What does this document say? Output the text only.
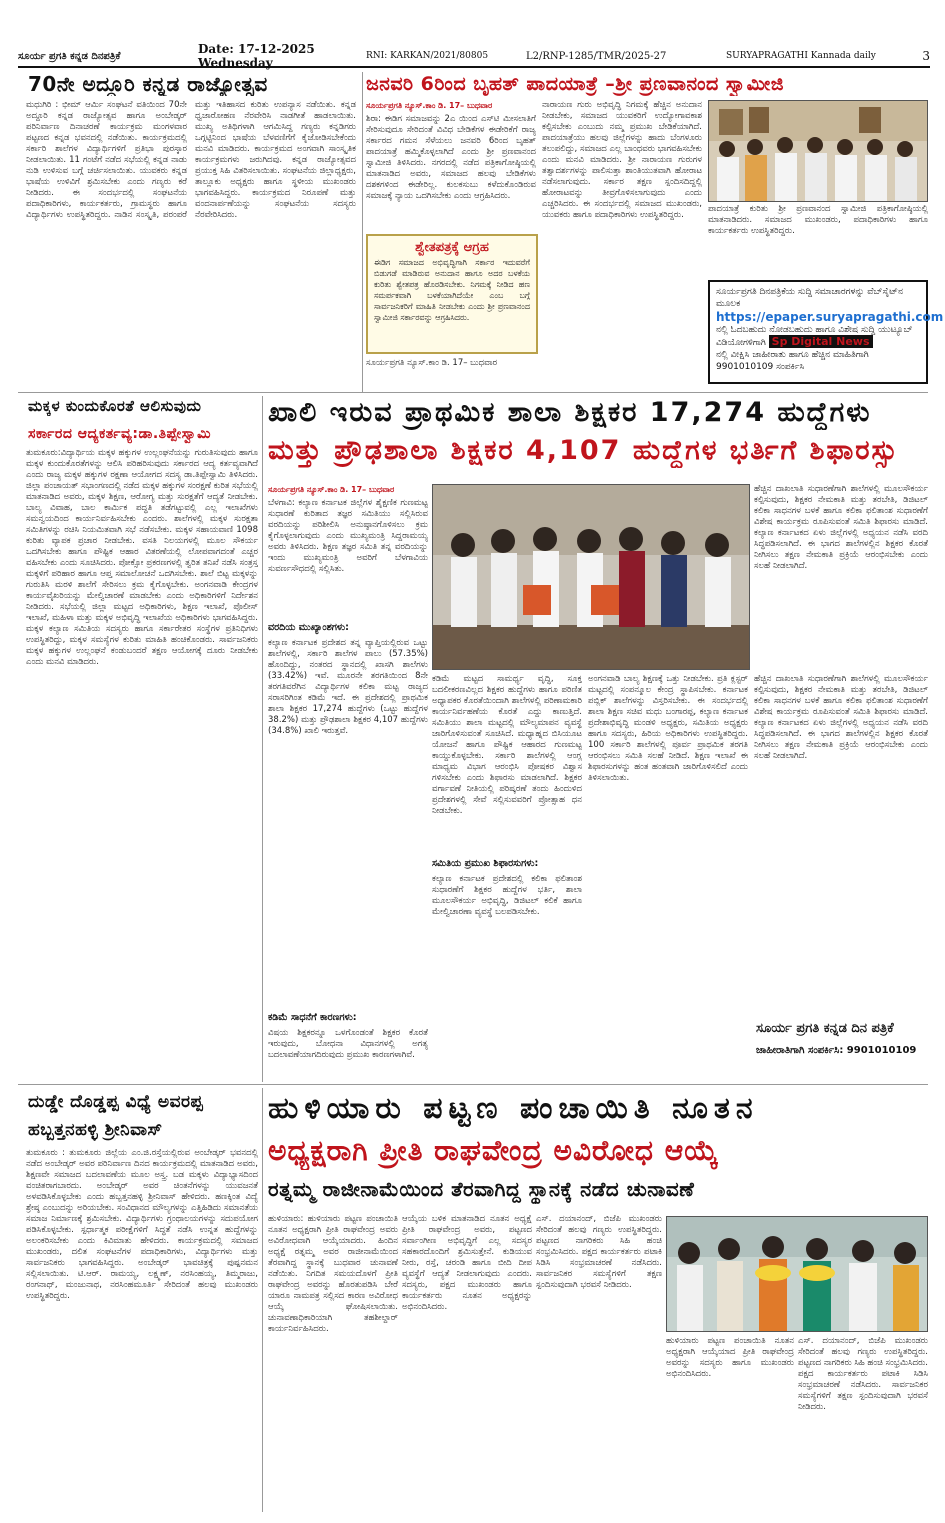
ಸೂರ್ಯ ಪ್ರಗತಿ ಕನ್ನಡ ದಿನಪತ್ರಿಕೆ	Date: 17-12-2025 Wednesday	RNI: KARKAN/2021/80805	L2/RNP-1285/TMR/2025-27	SURYAPRAGATHI Kannada daily	3
70ನೇ ಅದ್ದೂರಿ ಕನ್ನಡ ರಾಜ್ಯೋತ್ಸವ
ಮಧುಗಿರಿ : ಭೀಮ್ ಆರ್ಮಿ ಸಂಘಟನೆ ವತಿಯಿಂದ 70ನೇ ಅದ್ದೂರಿ ಕನ್ನಡ ರಾಜ್ಯೋತ್ಸವ ಹಾಗೂ ಅಂಬೇಡ್ಕರ್ ಪರಿನಿರ್ವಾಣ ದಿನಾಚರಣೆ ಕಾರ್ಯಕ್ರಮ ಮಂಗಳವಾರ ಪಟ್ಟಣದ ಕನ್ನಡ ಭವನದಲ್ಲಿ ನಡೆಯಿತು. ಕಾರ್ಯಕ್ರಮದಲ್ಲಿ ಸರ್ಕಾರಿ ಶಾಲೆಗಳ ವಿದ್ಯಾರ್ಥಿಗಳಿಗೆ ಪ್ರತಿಭಾ ಪುರಸ್ಕಾರ ನೀಡಲಾಯಿತು. 11 ಗಂಟೆಗೆ ನಡೆದ ಸಭೆಯಲ್ಲಿ ಕನ್ನಡ ನಾಡು ನುಡಿ ಉಳಿಸುವ ಬಗ್ಗೆ ಚರ್ಚಿಸಲಾಯಿತು. ಯುವಕರು ಕನ್ನಡ ಭಾಷೆಯ ಉಳಿವಿಗೆ ಶ್ರಮಿಸಬೇಕು ಎಂದು ಗಣ್ಯರು ಕರೆ ನೀಡಿದರು. ಈ ಸಂದರ್ಭದಲ್ಲಿ ಸಂಘಟನೆಯ ಪದಾಧಿಕಾರಿಗಳು, ಕಾರ್ಯಕರ್ತರು, ಗ್ರಾಮಸ್ಥರು ಹಾಗೂ ವಿದ್ಯಾರ್ಥಿಗಳು ಉಪಸ್ಥಿತರಿದ್ದರು. ನಾಡಿನ ಸಂಸ್ಕೃತಿ, ಪರಂಪರೆ ಮತ್ತು ಇತಿಹಾಸದ ಕುರಿತು ಉಪನ್ಯಾಸ ನಡೆಯಿತು. ಕನ್ನಡ ಧ್ವಜಾರೋಹಣ ನೆರವೇರಿಸಿ ನಾಡಗೀತೆ ಹಾಡಲಾಯಿತು. ಮುಖ್ಯ ಅತಿಥಿಗಳಾಗಿ ಆಗಮಿಸಿದ್ದ ಗಣ್ಯರು ಕನ್ನಡಿಗರು ಒಗ್ಗಟ್ಟಿನಿಂದ ಭಾಷೆಯ ಬೆಳವಣಿಗೆಗೆ ಕೈಜೋಡಿಸಬೇಕೆಂದು ಮನವಿ ಮಾಡಿದರು. ಕಾರ್ಯಕ್ರಮದ ಅಂಗವಾಗಿ ಸಾಂಸ್ಕೃತಿಕ ಕಾರ್ಯಕ್ರಮಗಳು ಜರುಗಿದವು. ಕನ್ನಡ ರಾಜ್ಯೋತ್ಸವದ ಪ್ರಯುಕ್ತ ಸಿಹಿ ವಿತರಿಸಲಾಯಿತು. ಸಂಘಟನೆಯ ಜಿಲ್ಲಾಧ್ಯಕ್ಷರು, ತಾಲ್ಲೂಕು ಅಧ್ಯಕ್ಷರು ಹಾಗೂ ಸ್ಥಳೀಯ ಮುಖಂಡರು ಭಾಗವಹಿಸಿದ್ದರು. ಕಾರ್ಯಕ್ರಮದ ನಿರೂಪಣೆ ಮತ್ತು ವಂದನಾರ್ಪಣೆಯನ್ನು ಸಂಘಟನೆಯ ಸದಸ್ಯರು ನೆರವೇರಿಸಿದರು.
ಜನವರಿ 6ರಿಂದ ಬೃಹತ್ ಪಾದಯಾತ್ರೆ –ಶ್ರೀ ಪ್ರಣವಾನಂದ ಸ್ವಾಮೀಜಿ
ಸೂರ್ಯಪ್ರಗತಿ ನ್ಯೂಸ್.ಕಾಂ ಡಿ. 17– ಬುಧವಾರ
ಶಿರಾ: ಈಡಿಗ ಸಮಾಜವನ್ನು 2ಎ ಯಿಂದ ಎಸ್‌ಟಿ ಮೀಸಲಾತಿಗೆ ಸೇರಿಸುವುದೂ ಸೇರಿದಂತೆ ವಿವಿಧ ಬೇಡಿಕೆಗಳ ಈಡೇರಿಕೆಗೆ ರಾಜ್ಯ ಸರ್ಕಾರದ ಗಮನ ಸೆಳೆಯಲು ಜನವರಿ 6ರಿಂದ ಬೃಹತ್ ಪಾದಯಾತ್ರೆ ಹಮ್ಮಿಕೊಳ್ಳಲಾಗಿದೆ ಎಂದು ಶ್ರೀ ಪ್ರಣವಾನಂದ ಸ್ವಾಮೀಜಿ ತಿಳಿಸಿದರು. ನಗರದಲ್ಲಿ ನಡೆದ ಪತ್ರಿಕಾಗೋಷ್ಠಿಯಲ್ಲಿ ಮಾತನಾಡಿದ ಅವರು, ಸಮಾಜದ ಹಲವು ಬೇಡಿಕೆಗಳು ದಶಕಗಳಿಂದ ಈಡೇರಿಲ್ಲ. ಕುಲಕಸುಬು ಕಳೆದುಕೊಂಡಿರುವ ಸಮಾಜಕ್ಕೆ ನ್ಯಾಯ ಒದಗಿಸಬೇಕು ಎಂದು ಆಗ್ರಹಿಸಿದರು.
ನಾರಾಯಣ ಗುರು ಅಭಿವೃದ್ಧಿ ನಿಗಮಕ್ಕೆ ಹೆಚ್ಚಿನ ಅನುದಾನ ನೀಡಬೇಕು, ಸಮಾಜದ ಯುವಕರಿಗೆ ಉದ್ಯೋಗಾವಕಾಶ ಕಲ್ಪಿಸಬೇಕು ಎಂಬುದು ನಮ್ಮ ಪ್ರಮುಖ ಬೇಡಿಕೆಯಾಗಿದೆ. ಪಾದಯಾತ್ರೆಯು ಹಲವು ಜಿಲ್ಲೆಗಳನ್ನು ಹಾದು ಬೆಂಗಳೂರು ತಲುಪಲಿದ್ದು, ಸಮಾಜದ ಎಲ್ಲ ಬಾಂಧವರು ಭಾಗವಹಿಸಬೇಕು ಎಂದು ಮನವಿ ಮಾಡಿದರು. ಶ್ರೀ ನಾರಾಯಣ ಗುರುಗಳ ತತ್ವಾದರ್ಶಗಳನ್ನು ಪಾಲಿಸುತ್ತಾ ಶಾಂತಿಯುತವಾಗಿ ಹೋರಾಟ ನಡೆಸಲಾಗುವುದು. ಸರ್ಕಾರ ತಕ್ಷಣ ಸ್ಪಂದಿಸದಿದ್ದಲ್ಲಿ ಹೋರಾಟವನ್ನು ತೀವ್ರಗೊಳಿಸಲಾಗುವುದು ಎಂದು ಎಚ್ಚರಿಸಿದರು. ಈ ಸಂದರ್ಭದಲ್ಲಿ ಸಮಾಜದ ಮುಖಂಡರು, ಯುವಕರು ಹಾಗೂ ಪದಾಧಿಕಾರಿಗಳು ಉಪಸ್ಥಿತರಿದ್ದರು.
ಶ್ವೇತಪತ್ರಕ್ಕೆ ಆಗ್ರಹ
ಈಡಿಗ ಸಮಾಜದ ಅಭಿವೃದ್ಧಿಗಾಗಿ ಸರ್ಕಾರ ಇದುವರೆಗೆ ಬಿಡುಗಡೆ ಮಾಡಿರುವ ಅನುದಾನ ಹಾಗೂ ಅದರ ಬಳಕೆಯ ಕುರಿತು ಶ್ವೇತಪತ್ರ ಹೊರಡಿಸಬೇಕು. ನಿಗಮಕ್ಕೆ ನೀಡಿದ ಹಣ ಸಮರ್ಪಕವಾಗಿ ಬಳಕೆಯಾಗಿದೆಯೇ ಎಂಬ ಬಗ್ಗೆ ಸಾರ್ವಜನಿಕರಿಗೆ ಮಾಹಿತಿ ನೀಡಬೇಕು ಎಂದು ಶ್ರೀ ಪ್ರಣವಾನಂದ ಸ್ವಾಮೀಜಿ ಸರ್ಕಾರವನ್ನು ಆಗ್ರಹಿಸಿದರು.
ಸೂರ್ಯಪ್ರಗತಿ ನ್ಯೂಸ್.ಕಾಂ ಡಿ. 17– ಬುಧವಾರ
ಪಾದಯಾತ್ರೆ ಕುರಿತು ಶ್ರೀ ಪ್ರಣವಾನಂದ ಸ್ವಾಮೀಜಿ ಪತ್ರಿಕಾಗೋಷ್ಠಿಯಲ್ಲಿ ಮಾತನಾಡಿದರು. ಸಮಾಜದ ಮುಖಂಡರು, ಪದಾಧಿಕಾರಿಗಳು ಹಾಗೂ ಕಾರ್ಯಕರ್ತರು ಉಪಸ್ಥಿತರಿದ್ದರು.
ಸೂರ್ಯಪ್ರಗತಿ ದಿನಪತ್ರಿಕೆಯ ಸುದ್ದಿ ಸಮಾಚಾರಗಳನ್ನು ವೆಬ್‌ಸೈಟ್‌ನ ಮೂಲಕ
https://epaper.suryapragathi.com
ನಲ್ಲಿ ಓದಬಹುದು ನೋಡಬಹುದು ಹಾಗೂ ವಿಶೇಷ ಸುದ್ದಿ ಯುಟ್ಯೂಬ್ ವಿಡಿಯೋಗಳಿಗಾಗಿ Sp Digital News
ನಲ್ಲಿ ವೀಕ್ಷಿಸಿ ಜಾಹೀರಾತು ಹಾಗೂ ಹೆಚ್ಚಿನ ಮಾಹಿತಿಗಾಗಿ 9901010109 ಸಂಪರ್ಕಿಸಿ
ಮಕ್ಕಳ ಕುಂದುಕೊರತೆ ಆಲಿಸುವುದು
ಸರ್ಕಾರದ ಆದ್ಯಕರ್ತವ್ಯ:ಡಾ.ತಿಪ್ಪೇಸ್ವಾಮಿ
ತುಮಕೂರು:ವಿದ್ಯಾರ್ಥಿಯ ಮಕ್ಕಳ ಹಕ್ಕುಗಳ ಉಲ್ಲಂಘನೆಯನ್ನು ಗುರುತಿಸುವುದು ಹಾಗೂ ಮಕ್ಕಳ ಕುಂದುಕೊರತೆಗಳನ್ನು ಆಲಿಸಿ ಪರಿಹರಿಸುವುದು ಸರ್ಕಾರದ ಆದ್ಯ ಕರ್ತವ್ಯವಾಗಿದೆ ಎಂದು ರಾಜ್ಯ ಮಕ್ಕಳ ಹಕ್ಕುಗಳ ರಕ್ಷಣಾ ಆಯೋಗದ ಸದಸ್ಯ ಡಾ.ತಿಪ್ಪೇಸ್ವಾಮಿ ತಿಳಿಸಿದರು. ಜಿಲ್ಲಾ ಪಂಚಾಯತ್ ಸಭಾಂಗಣದಲ್ಲಿ ನಡೆದ ಮಕ್ಕಳ ಹಕ್ಕುಗಳ ಸಂರಕ್ಷಣೆ ಕುರಿತ ಸಭೆಯಲ್ಲಿ ಮಾತನಾಡಿದ ಅವರು, ಮಕ್ಕಳ ಶಿಕ್ಷಣ, ಆರೋಗ್ಯ ಮತ್ತು ಸುರಕ್ಷತೆಗೆ ಆದ್ಯತೆ ನೀಡಬೇಕು. ಬಾಲ್ಯ ವಿವಾಹ, ಬಾಲ ಕಾರ್ಮಿಕ ಪದ್ಧತಿ ತಡೆಗಟ್ಟುವಲ್ಲಿ ಎಲ್ಲ ಇಲಾಖೆಗಳು ಸಮನ್ವಯದಿಂದ ಕಾರ್ಯನಿರ್ವಹಿಸಬೇಕು ಎಂದರು. ಶಾಲೆಗಳಲ್ಲಿ ಮಕ್ಕಳ ಸುರಕ್ಷತಾ ಸಮಿತಿಗಳನ್ನು ರಚಿಸಿ ನಿಯಮಿತವಾಗಿ ಸಭೆ ನಡೆಸಬೇಕು. ಮಕ್ಕಳ ಸಹಾಯವಾಣಿ 1098 ಕುರಿತು ವ್ಯಾಪಕ ಪ್ರಚಾರ ನೀಡಬೇಕು. ವಸತಿ ನಿಲಯಗಳಲ್ಲಿ ಮೂಲ ಸೌಕರ್ಯ ಒದಗಿಸಬೇಕು ಹಾಗೂ ಪೌಷ್ಟಿಕ ಆಹಾರ ವಿತರಣೆಯಲ್ಲಿ ಲೋಪವಾಗದಂತೆ ಎಚ್ಚರ ವಹಿಸಬೇಕು ಎಂದು ಸೂಚಿಸಿದರು. ಪೋಕ್ಸೋ ಪ್ರಕರಣಗಳಲ್ಲಿ ತ್ವರಿತ ತನಿಖೆ ನಡೆಸಿ ಸಂತ್ರಸ್ತ ಮಕ್ಕಳಿಗೆ ಪರಿಹಾರ ಹಾಗೂ ಆಪ್ತ ಸಮಾಲೋಚನೆ ಒದಗಿಸಬೇಕು. ಶಾಲೆ ಬಿಟ್ಟ ಮಕ್ಕಳನ್ನು ಗುರುತಿಸಿ ಮರಳಿ ಶಾಲೆಗೆ ಸೇರಿಸಲು ಕ್ರಮ ಕೈಗೊಳ್ಳಬೇಕು. ಅಂಗನವಾಡಿ ಕೇಂದ್ರಗಳ ಕಾರ್ಯವೈಖರಿಯನ್ನು ಮೇಲ್ವಿಚಾರಣೆ ಮಾಡಬೇಕು ಎಂದು ಅಧಿಕಾರಿಗಳಿಗೆ ನಿರ್ದೇಶನ ನೀಡಿದರು. ಸಭೆಯಲ್ಲಿ ಜಿಲ್ಲಾ ಮಟ್ಟದ ಅಧಿಕಾರಿಗಳು, ಶಿಕ್ಷಣ ಇಲಾಖೆ, ಪೊಲೀಸ್ ಇಲಾಖೆ, ಮಹಿಳಾ ಮತ್ತು ಮಕ್ಕಳ ಅಭಿವೃದ್ಧಿ ಇಲಾಖೆಯ ಅಧಿಕಾರಿಗಳು ಭಾಗವಹಿಸಿದ್ದರು. ಮಕ್ಕಳ ಕಲ್ಯಾಣ ಸಮಿತಿಯ ಸದಸ್ಯರು ಹಾಗೂ ಸರ್ಕಾರೇತರ ಸಂಸ್ಥೆಗಳ ಪ್ರತಿನಿಧಿಗಳು ಉಪಸ್ಥಿತರಿದ್ದು, ಮಕ್ಕಳ ಸಮಸ್ಯೆಗಳ ಕುರಿತು ಮಾಹಿತಿ ಹಂಚಿಕೊಂಡರು. ಸಾರ್ವಜನಿಕರು ಮಕ್ಕಳ ಹಕ್ಕುಗಳ ಉಲ್ಲಂಘನೆ ಕಂಡುಬಂದರೆ ತಕ್ಷಣ ಆಯೋಗಕ್ಕೆ ದೂರು ನೀಡಬೇಕು ಎಂದು ಮನವಿ ಮಾಡಿದರು.
ಖಾಲಿ ಇರುವ ಪ್ರಾಥಮಿಕ ಶಾಲಾ ಶಿಕ್ಷಕರ 17,274 ಹುದ್ದೆಗಳು
ಮತ್ತು ಪ್ರೌಢಶಾಲಾ ಶಿಕ್ಷಕರ 4,107 ಹುದ್ದೆಗಳ ಭರ್ತಿಗೆ ಶಿಫಾರಸ್ಸು
ಸೂರ್ಯಪ್ರಗತಿ ನ್ಯೂಸ್.ಕಾಂ ಡಿ. 17– ಬುಧವಾರ
ಬೆಳಗಾವಿ: ಕಲ್ಯಾಣ ಕರ್ನಾಟಕ ಜಿಲ್ಲೆಗಳ ಶೈಕ್ಷಣಿಕ ಗುಣಮಟ್ಟ ಸುಧಾರಣೆ ಕುರಿತಾದ ತಜ್ಞರ ಸಮಿತಿಯು ಸಲ್ಲಿಸಿರುವ ವರದಿಯನ್ನು ಪರಿಶೀಲಿಸಿ ಅನುಷ್ಠಾನಗೊಳಿಸಲು ಕ್ರಮ ಕೈಗೊಳ್ಳಲಾಗುವುದು ಎಂದು ಮುಖ್ಯಮಂತ್ರಿ ಸಿದ್ದರಾಮಯ್ಯ ಅವರು ತಿಳಿಸಿದರು. ಶಿಕ್ಷಣ ತಜ್ಞರ ಸಮಿತಿ ತನ್ನ ವರದಿಯನ್ನು ಇಂದು ಮುಖ್ಯಮಂತ್ರಿ ಅವರಿಗೆ ಬೆಳಗಾವಿಯ ಸುವರ್ಣಸೌಧದಲ್ಲಿ ಸಲ್ಲಿಸಿತು.
ಹೆಚ್ಚಿನ ದಾಖಲಾತಿ ಸುಧಾರಣೆಗಾಗಿ ಶಾಲೆಗಳಲ್ಲಿ ಮೂಲಸೌಕರ್ಯ ಕಲ್ಪಿಸುವುದು, ಶಿಕ್ಷಕರ ನೇಮಕಾತಿ ಮತ್ತು ತರಬೇತಿ, ಡಿಜಿಟಲ್ ಕಲಿಕಾ ಸಾಧನಗಳ ಬಳಕೆ ಹಾಗೂ ಕಲಿಕಾ ಫಲಿತಾಂಶ ಸುಧಾರಣೆಗೆ ವಿಶೇಷ ಕಾರ್ಯಕ್ರಮ ರೂಪಿಸುವಂತೆ ಸಮಿತಿ ಶಿಫಾರಸು ಮಾಡಿದೆ. ಕಲ್ಯಾಣ ಕರ್ನಾಟಕದ ಏಳು ಜಿಲ್ಲೆಗಳಲ್ಲಿ ಅಧ್ಯಯನ ನಡೆಸಿ ವರದಿ ಸಿದ್ಧಪಡಿಸಲಾಗಿದೆ. ಈ ಭಾಗದ ಶಾಲೆಗಳಲ್ಲಿನ ಶಿಕ್ಷಕರ ಕೊರತೆ ನೀಗಿಸಲು ತಕ್ಷಣ ನೇಮಕಾತಿ ಪ್ರಕ್ರಿಯೆ ಆರಂಭಿಸಬೇಕು ಎಂದು ಸಲಹೆ ನೀಡಲಾಗಿದೆ.
ವರದಿಯ ಮುಖ್ಯಾಂಶಗಳು:
ಕಲ್ಯಾಣ ಕರ್ನಾಟಕ ಪ್ರದೇಶದ ತನ್ನ ವ್ಯಾಪ್ತಿಯಲ್ಲಿರುವ ಒಟ್ಟು ಶಾಲೆಗಳಲ್ಲಿ, ಸರ್ಕಾರಿ ಶಾಲೆಗಳ ಪಾಲು (57.35%) ಹೊಂದಿದ್ದು, ನಂತರದ ಸ್ಥಾನದಲ್ಲಿ ಖಾಸಗಿ ಶಾಲೆಗಳು (33.42%) ಇವೆ. ಮೂರನೇ ತರಗತಿಯಿಂದ 8ನೇ ತರಗತಿವರೆಗಿನ ವಿದ್ಯಾರ್ಥಿಗಳ ಕಲಿಕಾ ಮಟ್ಟ ರಾಜ್ಯದ ಸರಾಸರಿಗಿಂತ ಕಡಿಮೆ ಇದೆ. ಈ ಪ್ರದೇಶದಲ್ಲಿ ಪ್ರಾಥಮಿಕ ಶಾಲಾ ಶಿಕ್ಷಕರ 17,274 ಹುದ್ದೆಗಳು (ಒಟ್ಟು ಹುದ್ದೆಗಳ 38.2%) ಮತ್ತು ಪ್ರೌಢಶಾಲಾ ಶಿಕ್ಷಕರ 4,107 ಹುದ್ದೆಗಳು (34.8%) ಖಾಲಿ ಇರುತ್ತವೆ.
ಕಡಿಮೆ ಮಟ್ಟದ ಸಾಮರ್ಥ್ಯ ವೃದ್ಧಿ, ಸೂಕ್ತ ಬದಲೀಕರಣವಿಲ್ಲದ ಶಿಕ್ಷಕರ ಹುದ್ದೆಗಳು ಹಾಗೂ ಪರಿಣಿತ ಅಧ್ಯಾಪಕರ ಕೊರತೆಯಿಂದಾಗಿ ಶಾಲೆಗಳಲ್ಲಿ ಪರಿಣಾಮಕಾರಿ ಕಾರ್ಯನಿರ್ವಹಣೆಯ ಕೊರತೆ ಎದ್ದು ಕಾಣುತ್ತಿದೆ. ಸಮಿತಿಯು ಶಾಲಾ ಮಟ್ಟದಲ್ಲಿ ಮೌಲ್ಯಮಾಪನ ವ್ಯವಸ್ಥೆ ಜಾರಿಗೊಳಿಸುವಂತೆ ಸೂಚಿಸಿದೆ. ಮಧ್ಯಾಹ್ನದ ಬಿಸಿಯೂಟ ಯೋಜನೆ ಹಾಗೂ ಪೌಷ್ಟಿಕ ಆಹಾರದ ಗುಣಮಟ್ಟ ಕಾಯ್ದುಕೊಳ್ಳಬೇಕು. ಸರ್ಕಾರಿ ಶಾಲೆಗಳಲ್ಲಿ ಆಂಗ್ಲ ಮಾಧ್ಯಮ ವಿಭಾಗ ಆರಂಭಿಸಿ ಪೋಷಕರ ವಿಶ್ವಾಸ ಗಳಿಸಬೇಕು ಎಂದು ಶಿಫಾರಸು ಮಾಡಲಾಗಿದೆ. ಶಿಕ್ಷಕರ ವರ್ಗಾವಣೆ ನೀತಿಯಲ್ಲಿ ಪರಿಷ್ಕರಣೆ ತಂದು ಹಿಂದುಳಿದ ಪ್ರದೇಶಗಳಲ್ಲಿ ಸೇವೆ ಸಲ್ಲಿಸುವವರಿಗೆ ಪ್ರೋತ್ಸಾಹ ಧನ ನೀಡಬೇಕು.
ಸಮಿತಿಯ ಪ್ರಮುಖ ಶಿಫಾರಸುಗಳು:
ಕಲ್ಯಾಣ ಕರ್ನಾಟಕ ಪ್ರದೇಶದಲ್ಲಿ ಕಲಿಕಾ ಫಲಿತಾಂಶ ಸುಧಾರಣೆಗೆ ಶಿಕ್ಷಕರ ಹುದ್ದೆಗಳ ಭರ್ತಿ, ಶಾಲಾ ಮೂಲಸೌಕರ್ಯ ಅಭಿವೃದ್ಧಿ, ಡಿಜಿಟಲ್ ಕಲಿಕೆ ಹಾಗೂ ಮೇಲ್ವಿಚಾರಣಾ ವ್ಯವಸ್ಥೆ ಬಲಪಡಿಸಬೇಕು.
ಕಡಿಮೆ ಸಾಧನೆಗೆ ಕಾರಣಗಳು:
ವಿಷಯ ಶಿಕ್ಷಕರನ್ನೂ ಒಳಗೊಂಡಂತೆ ಶಿಕ್ಷಕರ ಕೊರತೆ ಇರುವುದು, ಬೋಧನಾ ವಿಧಾನಗಳಲ್ಲಿ ಅಗತ್ಯ ಬದಲಾವಣೆಯಾಗದಿರುವುದು ಪ್ರಮುಖ ಕಾರಣಗಳಾಗಿವೆ.
ಅಂಗನವಾಡಿ ಬಾಲ್ಯ ಶಿಕ್ಷಣಕ್ಕೆ ಒತ್ತು ನೀಡಬೇಕು. ಪ್ರತಿ ಕ್ಲಸ್ಟರ್ ಮಟ್ಟದಲ್ಲಿ ಸಂಪನ್ಮೂಲ ಕೇಂದ್ರ ಸ್ಥಾಪಿಸಬೇಕು. ಕರ್ನಾಟಕ ಪಬ್ಲಿಕ್ ಶಾಲೆಗಳನ್ನು ವಿಸ್ತರಿಸಬೇಕು. ಈ ಸಂದರ್ಭದಲ್ಲಿ ಶಾಲಾ ಶಿಕ್ಷಣ ಸಚಿವ ಮಧು ಬಂಗಾರಪ್ಪ, ಕಲ್ಯಾಣ ಕರ್ನಾಟಕ ಪ್ರದೇಶಾಭಿವೃದ್ಧಿ ಮಂಡಳಿ ಅಧ್ಯಕ್ಷರು, ಸಮಿತಿಯ ಅಧ್ಯಕ್ಷರು ಹಾಗೂ ಸದಸ್ಯರು, ಹಿರಿಯ ಅಧಿಕಾರಿಗಳು ಉಪಸ್ಥಿತರಿದ್ದರು. 100 ಸರ್ಕಾರಿ ಶಾಲೆಗಳಲ್ಲಿ ಪೂರ್ವ ಪ್ರಾಥಮಿಕ ತರಗತಿ ಆರಂಭಿಸಲು ಸಮಿತಿ ಸಲಹೆ ನೀಡಿದೆ. ಶಿಕ್ಷಣ ಇಲಾಖೆ ಈ ಶಿಫಾರಸುಗಳನ್ನು ಹಂತ ಹಂತವಾಗಿ ಜಾರಿಗೊಳಿಸಲಿದೆ ಎಂದು ತಿಳಿಸಲಾಯಿತು.
ಹೆಚ್ಚಿನ ದಾಖಲಾತಿ ಸುಧಾರಣೆಗಾಗಿ ಶಾಲೆಗಳಲ್ಲಿ ಮೂಲಸೌಕರ್ಯ ಕಲ್ಪಿಸುವುದು, ಶಿಕ್ಷಕರ ನೇಮಕಾತಿ ಮತ್ತು ತರಬೇತಿ, ಡಿಜಿಟಲ್ ಕಲಿಕಾ ಸಾಧನಗಳ ಬಳಕೆ ಹಾಗೂ ಕಲಿಕಾ ಫಲಿತಾಂಶ ಸುಧಾರಣೆಗೆ ವಿಶೇಷ ಕಾರ್ಯಕ್ರಮ ರೂಪಿಸುವಂತೆ ಸಮಿತಿ ಶಿಫಾರಸು ಮಾಡಿದೆ. ಕಲ್ಯಾಣ ಕರ್ನಾಟಕದ ಏಳು ಜಿಲ್ಲೆಗಳಲ್ಲಿ ಅಧ್ಯಯನ ನಡೆಸಿ ವರದಿ ಸಿದ್ಧಪಡಿಸಲಾಗಿದೆ. ಈ ಭಾಗದ ಶಾಲೆಗಳಲ್ಲಿನ ಶಿಕ್ಷಕರ ಕೊರತೆ ನೀಗಿಸಲು ತಕ್ಷಣ ನೇಮಕಾತಿ ಪ್ರಕ್ರಿಯೆ ಆರಂಭಿಸಬೇಕು ಎಂದು ಸಲಹೆ ನೀಡಲಾಗಿದೆ.
ಸೂರ್ಯ ಪ್ರಗತಿ ಕನ್ನಡ ದಿನ ಪತ್ರಿಕೆ
ಜಾಹೀರಾತಿಗಾಗಿ ಸಂಪರ್ಕಿಸಿ: 9901010109
ದುಡ್ಡೇ ದೊಡ್ಡಪ್ಪ ವಿಧ್ಯೆ ಅವರಪ್ಪ
ಹಬ್ಬತ್ತನಹಳ್ಳಿ ಶ್ರೀನಿವಾಸ್
ತುಮಕೂರು : ತುಮಕೂರು ಜಿಲ್ಲೆಯ ಎಂ.ಜಿ.ರಸ್ತೆಯಲ್ಲಿರುವ ಅಂಬೇಡ್ಕರ್ ಭವನದಲ್ಲಿ ನಡೆದ ಅಂಬೇಡ್ಕರ್ ಅವರ ಪರಿನಿರ್ವಾಣ ದಿನದ ಕಾರ್ಯಕ್ರಮದಲ್ಲಿ ಮಾತನಾಡಿದ ಅವರು, ಶಿಕ್ಷಣವೇ ಸಮಾಜದ ಬದಲಾವಣೆಯ ಮೂಲ ಅಸ್ತ್ರ. ಬಡ ಮಕ್ಕಳು ವಿದ್ಯಾಭ್ಯಾಸದಿಂದ ವಂಚಿತರಾಗಬಾರದು. ಅಂಬೇಡ್ಕರ್ ಅವರ ಚಿಂತನೆಗಳನ್ನು ಯುವಜನತೆ ಅಳವಡಿಸಿಕೊಳ್ಳಬೇಕು ಎಂದು ಹಬ್ಬತ್ತನಹಳ್ಳಿ ಶ್ರೀನಿವಾಸ್ ಹೇಳಿದರು. ಹಣಕ್ಕಿಂತ ವಿದ್ಯೆ ಶ್ರೇಷ್ಠ ಎಂಬುದನ್ನು ಅರಿಯಬೇಕು. ಸಂವಿಧಾನದ ಮೌಲ್ಯಗಳನ್ನು ಎತ್ತಿಹಿಡಿದು ಸಮಾನತೆಯ ಸಮಾಜ ನಿರ್ಮಾಣಕ್ಕೆ ಶ್ರಮಿಸಬೇಕು. ವಿದ್ಯಾರ್ಥಿಗಳು ಗ್ರಂಥಾಲಯಗಳನ್ನು ಸದುಪಯೋಗ ಪಡಿಸಿಕೊಳ್ಳಬೇಕು. ಸ್ಪರ್ಧಾತ್ಮಕ ಪರೀಕ್ಷೆಗಳಿಗೆ ಸಿದ್ಧತೆ ನಡೆಸಿ ಉನ್ನತ ಹುದ್ದೆಗಳನ್ನು ಅಲಂಕರಿಸಬೇಕು ಎಂದು ಕಿವಿಮಾತು ಹೇಳಿದರು. ಕಾರ್ಯಕ್ರಮದಲ್ಲಿ ಸಮಾಜದ ಮುಖಂಡರು, ದಲಿತ ಸಂಘಟನೆಗಳ ಪದಾಧಿಕಾರಿಗಳು, ವಿದ್ಯಾರ್ಥಿಗಳು ಮತ್ತು ಸಾರ್ವಜನಿಕರು ಭಾಗವಹಿಸಿದ್ದರು. ಅಂಬೇಡ್ಕರ್ ಭಾವಚಿತ್ರಕ್ಕೆ ಪುಷ್ಪನಮನ ಸಲ್ಲಿಸಲಾಯಿತು. ಟಿ.ಆರ್. ರಾಮಯ್ಯ, ಲಕ್ಷ್ಮಣ್, ನರಸಿಂಹಯ್ಯ, ತಿಮ್ಮರಾಜು, ರಂಗನಾಥ್, ಮಂಜುನಾಥ, ನರಸಿಂಹಮೂರ್ತಿ ಸೇರಿದಂತೆ ಹಲವು ಮುಖಂಡರು ಉಪಸ್ಥಿತರಿದ್ದರು.
ಹುಳಿಯಾರು ಪಟ್ಟಣ ಪಂಚಾಯಿತಿ ನೂತನ
ಅಧ್ಯಕ್ಷರಾಗಿ ಪ್ರೀತಿ ರಾಘವೇಂದ್ರ ಅವಿರೋಧ ಆಯ್ಕೆ
ರತ್ನಮ್ಮ ರಾಜೀನಾಮೆಯಿಂದ ತೆರವಾಗಿದ್ದ ಸ್ಥಾನಕ್ಕೆ ನಡೆದ ಚುನಾವಣೆ
ಹುಳಿಯಾರು: ಹುಳಿಯಾರು ಪಟ್ಟಣ ಪಂಚಾಯಿತಿ ನೂತನ ಅಧ್ಯಕ್ಷರಾಗಿ ಪ್ರೀತಿ ರಾಘವೇಂದ್ರ ಅವರು ಅವಿರೋಧವಾಗಿ ಆಯ್ಕೆಯಾದರು. ಹಿಂದಿನ ಅಧ್ಯಕ್ಷೆ ರತ್ನಮ್ಮ ಅವರ ರಾಜೀನಾಮೆಯಿಂದ ತೆರವಾಗಿದ್ದ ಸ್ಥಾನಕ್ಕೆ ಬುಧವಾರ ಚುನಾವಣೆ ನಡೆಯಿತು. ನಿಗದಿತ ಸಮಯದೊಳಗೆ ಪ್ರೀತಿ ರಾಘವೇಂದ್ರ ಅವರನ್ನು ಹೊರತುಪಡಿಸಿ ಬೇರೆ ಯಾರೂ ನಾಮಪತ್ರ ಸಲ್ಲಿಸದ ಕಾರಣ ಅವಿರೋಧ ಆಯ್ಕೆ ಘೋಷಿಸಲಾಯಿತು. ಚುನಾವಣಾಧಿಕಾರಿಯಾಗಿ ತಹಶೀಲ್ದಾರ್ ಕಾರ್ಯನಿರ್ವಹಿಸಿದರು.
ಆಯ್ಕೆಯ ಬಳಿಕ ಮಾತನಾಡಿದ ನೂತನ ಅಧ್ಯಕ್ಷೆ ಪ್ರೀತಿ ರಾಘವೇಂದ್ರ ಅವರು, ಪಟ್ಟಣದ ಸರ್ವಾಂಗೀಣ ಅಭಿವೃದ್ಧಿಗೆ ಎಲ್ಲ ಸದಸ್ಯರ ಸಹಕಾರದೊಂದಿಗೆ ಶ್ರಮಿಸುತ್ತೇನೆ. ಕುಡಿಯುವ ನೀರು, ರಸ್ತೆ, ಚರಂಡಿ ಹಾಗೂ ಬೀದಿ ದೀಪ ವ್ಯವಸ್ಥೆಗೆ ಆದ್ಯತೆ ನೀಡಲಾಗುವುದು ಎಂದರು. ಸದಸ್ಯರು, ಪಕ್ಷದ ಮುಖಂಡರು ಹಾಗೂ ಕಾರ್ಯಕರ್ತರು ನೂತನ ಅಧ್ಯಕ್ಷರನ್ನು ಅಭಿನಂದಿಸಿದರು.
ಎಸ್. ದಯಾನಂದ್, ಬಿಜೆಪಿ ಮುಖಂಡರು ಸೇರಿದಂತೆ ಹಲವು ಗಣ್ಯರು ಉಪಸ್ಥಿತರಿದ್ದರು. ಪಟ್ಟಣದ ನಾಗರಿಕರು ಸಿಹಿ ಹಂಚಿ ಸಂಭ್ರಮಿಸಿದರು. ಪಕ್ಷದ ಕಾರ್ಯಕರ್ತರು ಪಟಾಕಿ ಸಿಡಿಸಿ ಸಂಭ್ರಮಾಚರಣೆ ನಡೆಸಿದರು. ಸಾರ್ವಜನಿಕರ ಸಮಸ್ಯೆಗಳಿಗೆ ತಕ್ಷಣ ಸ್ಪಂದಿಸುವುದಾಗಿ ಭರವಸೆ ನೀಡಿದರು.
ಹುಳಿಯಾರು ಪಟ್ಟಣ ಪಂಚಾಯಿತಿ ನೂತನ ಅಧ್ಯಕ್ಷರಾಗಿ ಆಯ್ಕೆಯಾದ ಪ್ರೀತಿ ರಾಘವೇಂದ್ರ ಅವರನ್ನು ಸದಸ್ಯರು ಹಾಗೂ ಮುಖಂಡರು ಅಭಿನಂದಿಸಿದರು.
ಎಸ್. ದಯಾನಂದ್, ಬಿಜೆಪಿ ಮುಖಂಡರು ಸೇರಿದಂತೆ ಹಲವು ಗಣ್ಯರು ಉಪಸ್ಥಿತರಿದ್ದರು. ಪಟ್ಟಣದ ನಾಗರಿಕರು ಸಿಹಿ ಹಂಚಿ ಸಂಭ್ರಮಿಸಿದರು. ಪಕ್ಷದ ಕಾರ್ಯಕರ್ತರು ಪಟಾಕಿ ಸಿಡಿಸಿ ಸಂಭ್ರಮಾಚರಣೆ ನಡೆಸಿದರು. ಸಾರ್ವಜನಿಕರ ಸಮಸ್ಯೆಗಳಿಗೆ ತಕ್ಷಣ ಸ್ಪಂದಿಸುವುದಾಗಿ ಭರವಸೆ ನೀಡಿದರು.
